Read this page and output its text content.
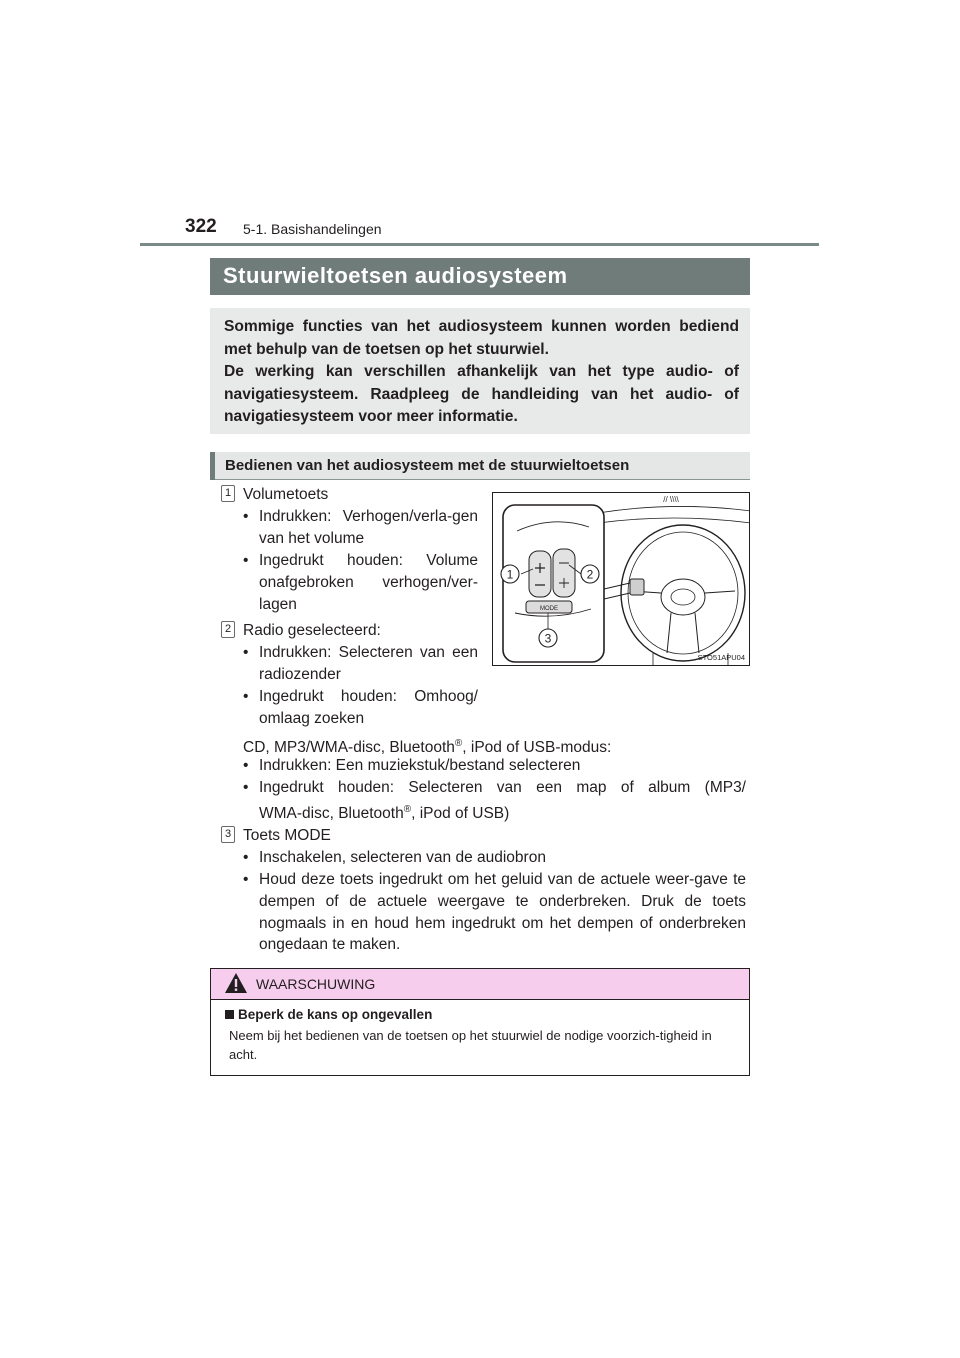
322 5-1. Basishandelingen
Stuurwieltoetsen audiosysteem

Sommige functies van het audiosysteem kunnen worden bediend met behulp van de toetsen op het stuurwiel.

De werking kan verschillen afhankelijk van het type audio- of navigatiesysteem. Raadpleeg de handleiding van het audio- of navigatiesysteem voor meer informatie.

Bedienen van het audiosysteem met de stuurwieltoetsen
1 Volumetoets
• Indrukken: Verhogen/verla-gen van het volume
• Ingedrukt houden: Volume onafgebroken verhogen/ver-lagen
2 Radio geselecteerd:
• Indrukken: Selecteren van een radiozender
• Ingedrukt houden: Omhoog/ omlaag zoeken
CD, MP3/WMA-disc, Bluetooth®, iPod of USB-modus:
• Indrukken: Een muziekstuk/bestand selecteren
• Ingedrukt houden: Selecteren van een map of album (MP3/
WMA-disc, Bluetooth®, iPod of USB)
3 Toets MODE
• Inschakelen, selecteren van de audiobron
• Houd deze toets ingedrukt om het geluid van de actuele weer-gave te dempen of de actuele weergave te onderbreken. Druk de toets nogmaals in en houd hem ingedrukt om het dempen of onderbreken ongedaan te maken.
1	2
3
MODE
// \\\\
STO51APU04
WAARSCHUWING
Beperk de kans op ongevallen
Neem bij het bedienen van de toetsen op het stuurwiel de nodige voorzich-tigheid in acht.
